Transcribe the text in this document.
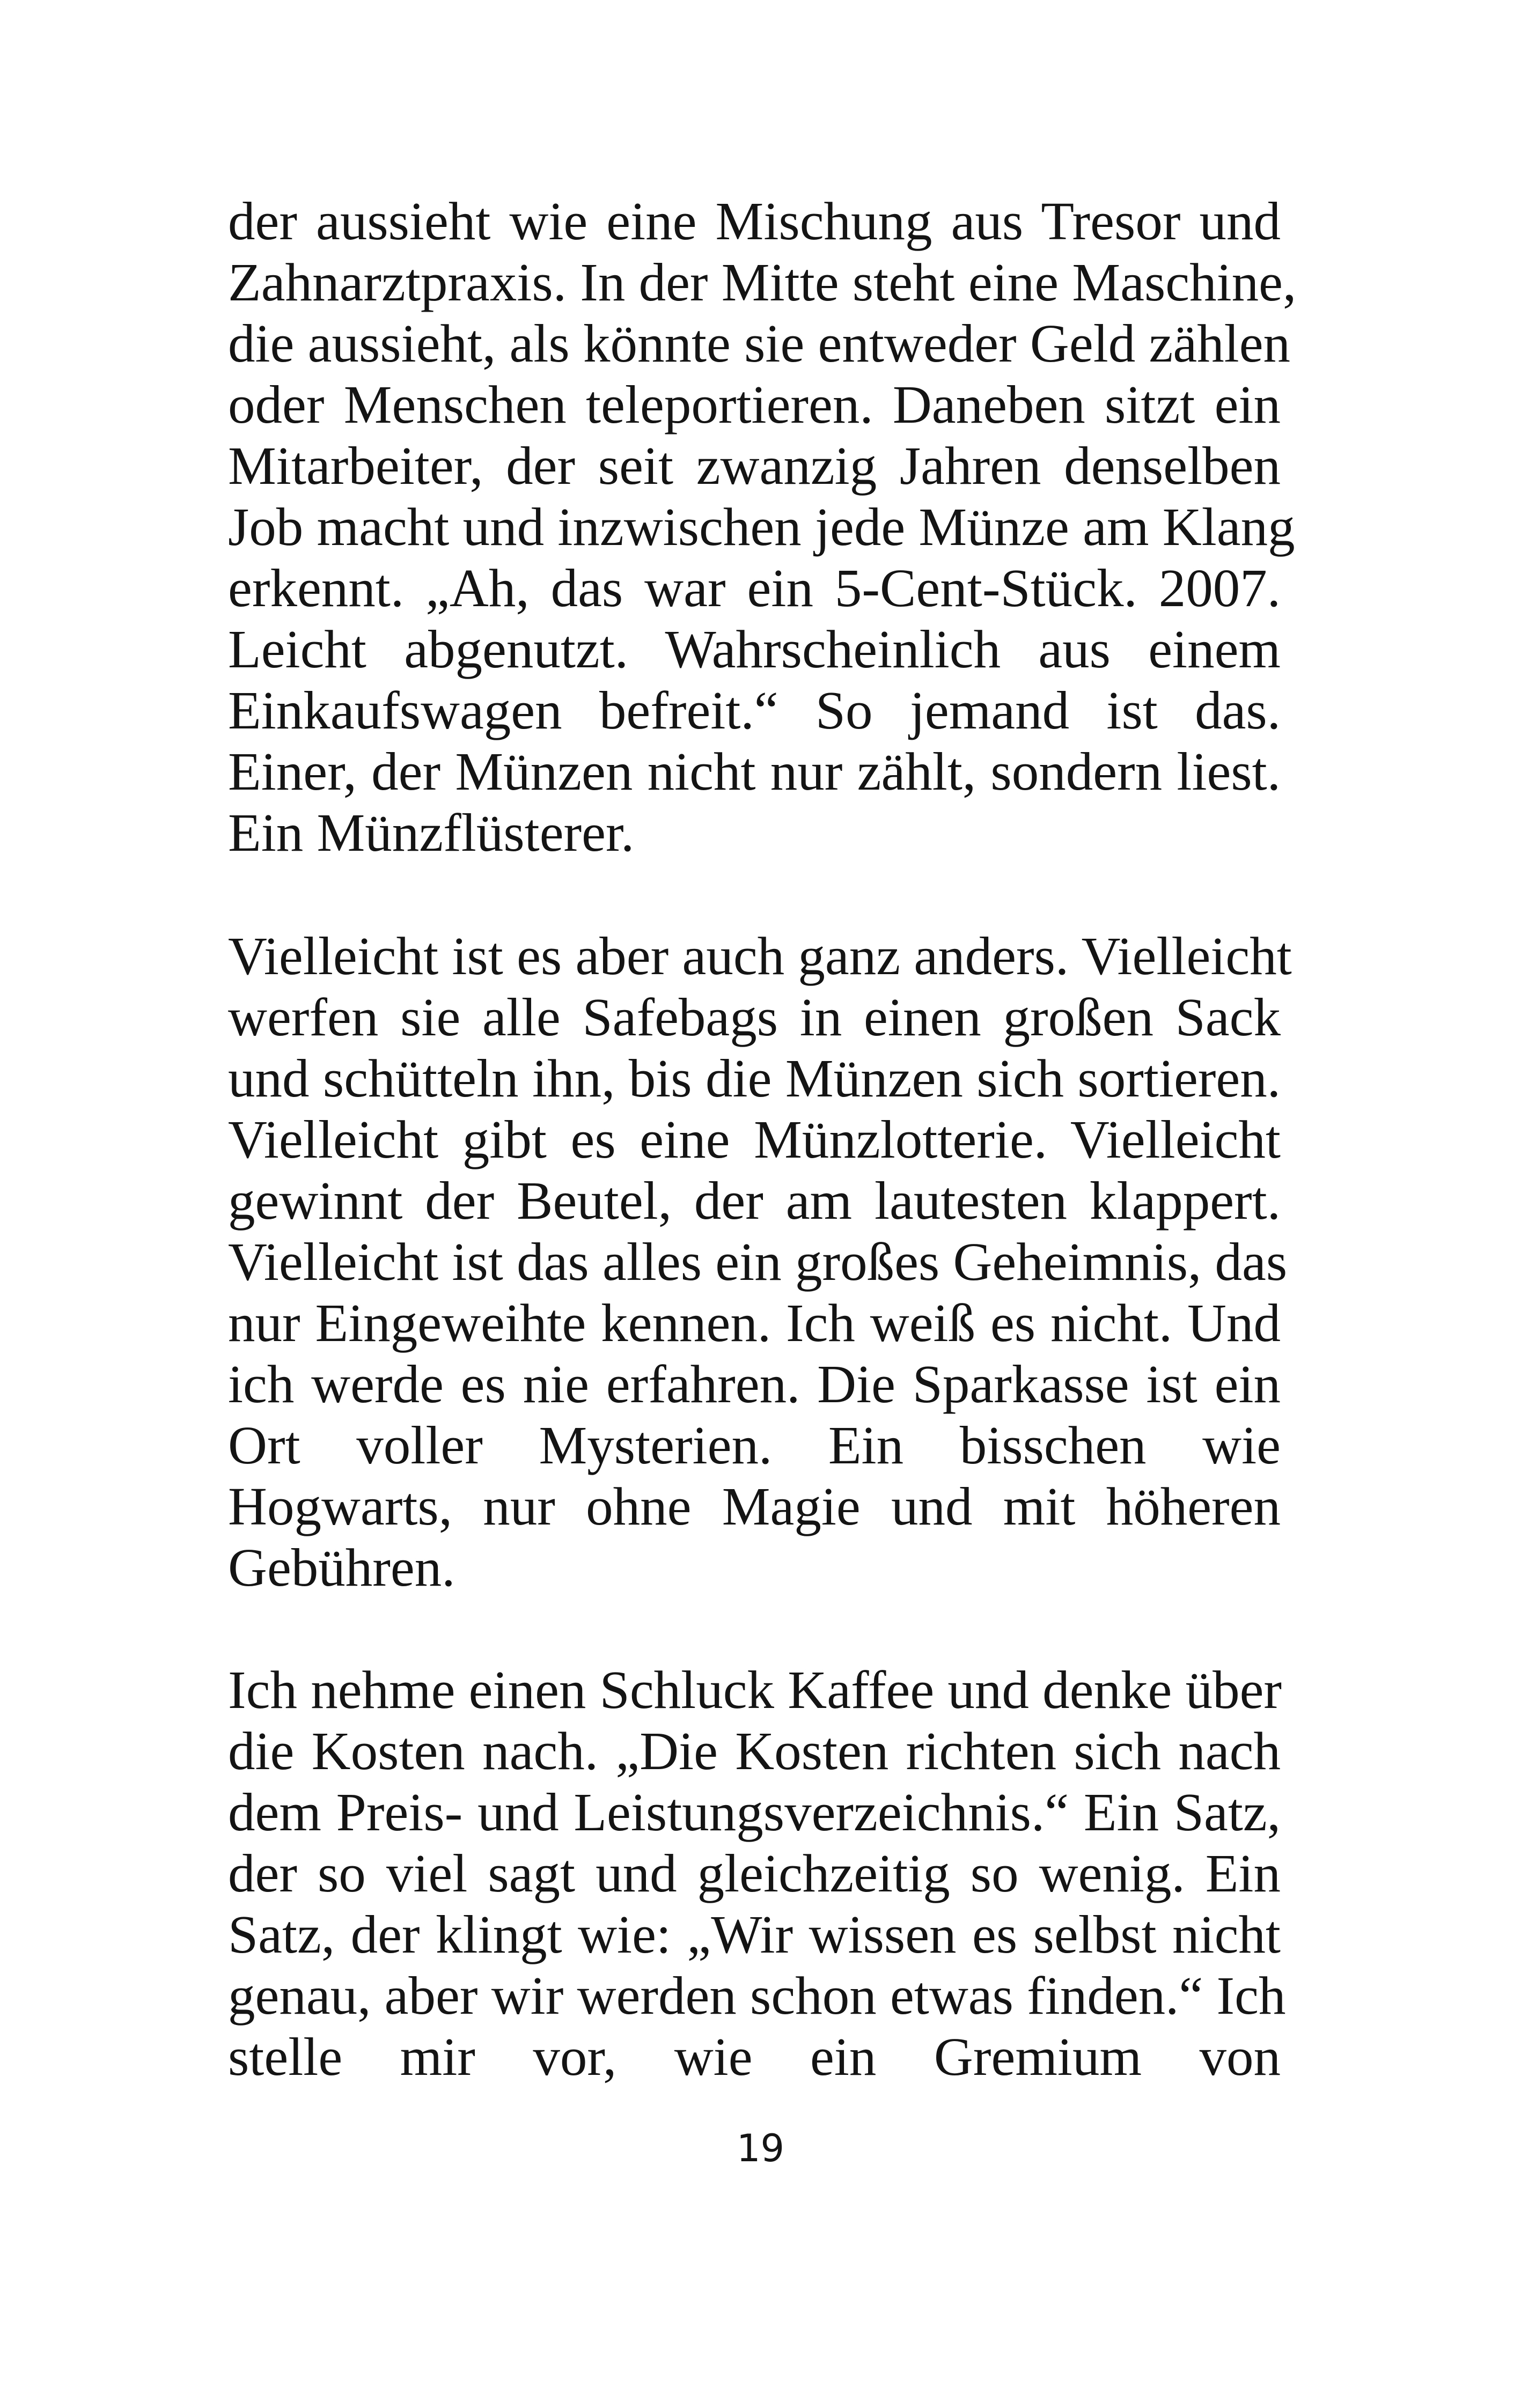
der aussieht wie eine Mischung aus Tresor und
Zahnarztpraxis. In der Mitte steht eine Maschine,
die aussieht, als könnte sie entweder Geld zählen
oder Menschen teleportieren. Daneben sitzt ein
Mitarbeiter, der seit zwanzig Jahren denselben
Job macht und inzwischen jede Münze am Klang
erkennt. „Ah, das war ein 5-Cent-Stück. 2007.
Leicht abgenutzt. Wahrscheinlich aus einem
Einkaufswagen befreit.“ So jemand ist das.
Einer, der Münzen nicht nur zählt, sondern liest.
Ein Münzflüsterer.
Vielleicht ist es aber auch ganz anders. Vielleicht
werfen sie alle Safebags in einen großen Sack
und schütteln ihn, bis die Münzen sich sortieren.
Vielleicht gibt es eine Münzlotterie. Vielleicht
gewinnt der Beutel, der am lautesten klappert.
Vielleicht ist das alles ein großes Geheimnis, das
nur Eingeweihte kennen. Ich weiß es nicht. Und
ich werde es nie erfahren. Die Sparkasse ist ein
Ort voller Mysterien. Ein bisschen wie
Hogwarts, nur ohne Magie und mit höheren
Gebühren.
Ich nehme einen Schluck Kaffee und denke über
die Kosten nach. „Die Kosten richten sich nach
dem Preis- und Leistungsverzeichnis.“ Ein Satz,
der so viel sagt und gleichzeitig so wenig. Ein
Satz, der klingt wie: „Wir wissen es selbst nicht
genau, aber wir werden schon etwas finden.“ Ich
stelle mir vor, wie ein Gremium von
19
